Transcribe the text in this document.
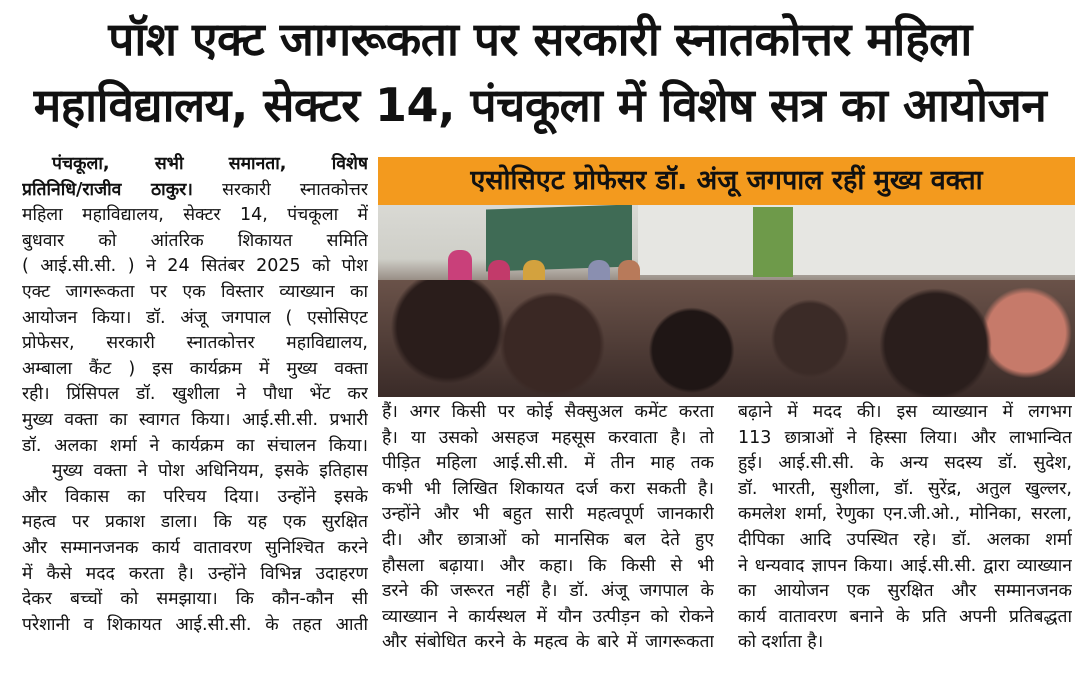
पॉश एक्ट जागरूकता पर सरकारी स्नातकोत्तर महिला
महाविद्यालय, सेक्टर 14, पंचकूला में विशेष सत्र का आयोजन
पंचकूला, सभी समानता, विशेष
प्रतिनिधि/राजीव ठाकुर। सरकारी स्नातकोत्तर
महिला महाविद्यालय, सेक्टर 14, पंचकूला में
बुधवार को आंतरिक शिकायत समिति
( आई.सी.सी. ) ने 24 सितंबर 2025 को पोश
एक्ट जागरूकता पर एक विस्तार व्याख्यान का
आयोजन किया। डॉ. अंजू जगपाल ( एसोसिएट
प्रोफेसर, सरकारी स्नातकोत्तर महाविद्यालय,
अम्बाला कैंट ) इस कार्यक्रम में मुख्य वक्ता
रही। प्रिंसिपल डॉ. खुशीला ने पौधा भेंट कर
मुख्य वक्ता का स्वागत किया। आई.सी.सी. प्रभारी
डॉ. अलका शर्मा ने कार्यक्रम का संचालन किया।
मुख्य वक्ता ने पोश अधिनियम, इसके इतिहास
और विकास का परिचय दिया। उन्होंने इसके
महत्व पर प्रकाश डाला। कि यह एक सुरक्षित
और सम्मानजनक कार्य वातावरण सुनिश्चित करने
में कैसे मदद करता है। उन्होंने विभिन्न उदाहरण
देकर बच्चों को समझाया। कि कौन-कौन सी
परेशानी व शिकायत आई.सी.सी. के तहत आती
एसोसिएट प्रोफेसर डॉ. अंजू जगपाल रहीं मुख्य वक्ता
हैं। अगर किसी पर कोई सैक्सुअल कमेंट करता
है। या उसको असहज महसूस करवाता है। तो
पीड़ित महिला आई.सी.सी. में तीन माह तक
कभी भी लिखित शिकायत दर्ज करा सकती है।
उन्होंने और भी बहुत सारी महत्वपूर्ण जानकारी
दी। और छात्राओं को मानसिक बल देते हुए
हौसला बढ़ाया। और कहा। कि किसी से भी
डरने की जरूरत नहीं है। डॉ. अंजू जगपाल के
व्याख्यान ने कार्यस्थल में यौन उत्पीड़न को रोकने
और संबोधित करने के महत्व के बारे में जागरूकता
बढ़ाने में मदद की। इस व्याख्यान में लगभग
113 छात्राओं ने हिस्सा लिया। और लाभान्वित
हुई। आई.सी.सी. के अन्य सदस्य डॉ. सुदेश,
डॉ. भारती, सुशीला, डॉ. सुरेंद्र, अतुल खुल्लर,
कमलेश शर्मा, रेणुका एन.जी.ओ., मोनिका, सरला,
दीपिका आदि उपस्थित रहे। डॉ. अलका शर्मा
ने धन्यवाद ज्ञापन किया। आई.सी.सी. द्वारा व्याख्यान
का आयोजन एक सुरक्षित और सम्मानजनक
कार्य वातावरण बनाने के प्रति अपनी प्रतिबद्धता
को दर्शाता है।
